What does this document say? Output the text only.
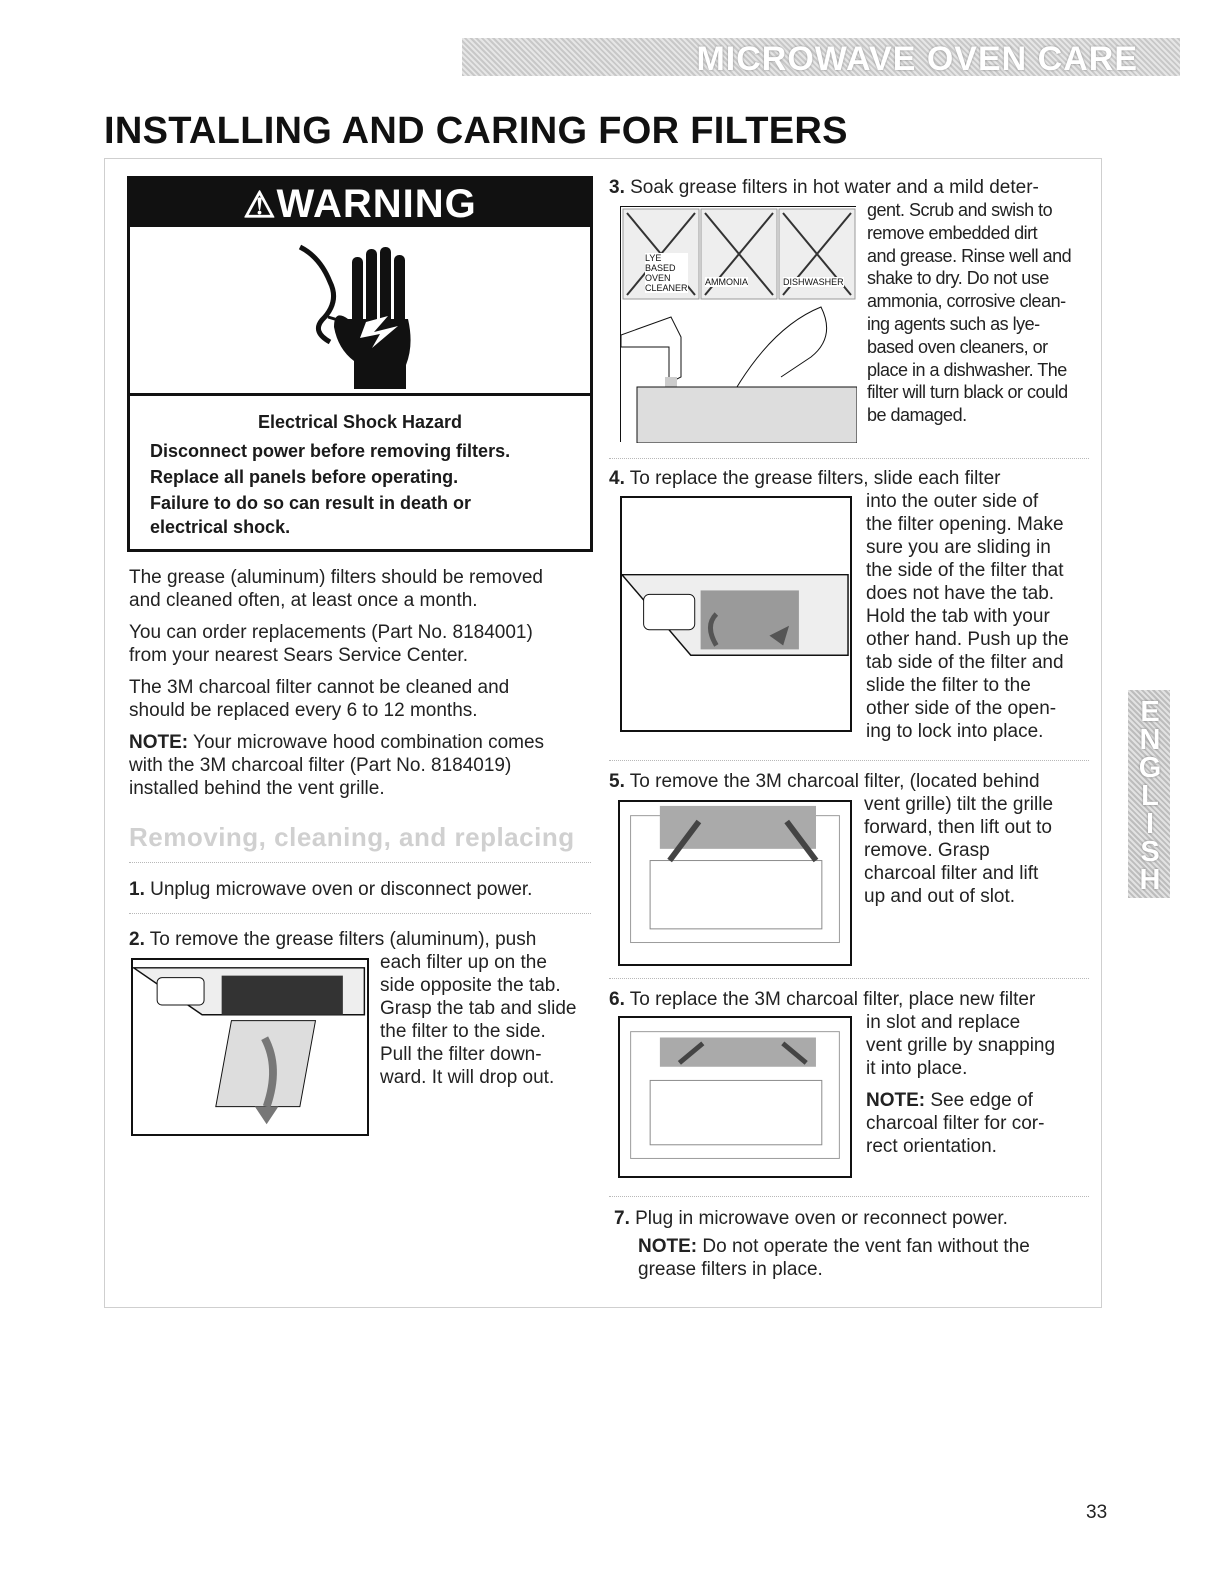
MICROWAVE OVEN CARE
INSTALLING AND CARING FOR FILTERS
⚠WARNING
Electrical Shock Hazard
Disconnect power before removing filters.
Replace all panels before operating.
Failure to do so can result in death or
electrical shock.

The grease (aluminum) filters should be removed

and cleaned often, at least once a month.

You can order replacements (Part No. 8184001)

from your nearest Sears Service Center.

The 3M charcoal filter cannot be cleaned and

should be replaced every 6 to 12 months.

NOTE: Your microwave hood combination comes

with the 3M charcoal filter (Part No. 8184019)

installed behind the vent grille.

Removing, cleaning, and replacing
1. Unplug microwave oven or disconnect power.
2. To remove the grease filters (aluminum), push

each filter up on the

side opposite the tab.

Grasp the tab and slide

the filter to the side.

Pull the filter down-

ward. It will drop out.

3. Soak grease filters in hot water and a mild deter-

gent. Scrub and swish to

remove embedded dirt

and grease. Rinse well and

shake to dry. Do not use

ammonia, corrosive clean-

ing agents such as lye-

based oven cleaners, or

place in a dishwasher. The

filter will turn black or could

be damaged.

LYE
BASED
OVEN
CLEANER
AMMONIA	DISHWASHER
4. To replace the grease filters, slide each filter

into the outer side of

the filter opening. Make

sure you are sliding in

the side of the filter that

does not have the tab.

Hold the tab with your

other hand. Push up the

tab side of the filter and

slide the filter to the

other side of the open-

ing to lock into place.

5. To remove the 3M charcoal filter, (located behind

vent grille) tilt the grille

forward, then lift out to

remove. Grasp

charcoal filter and lift

up and out of slot.

6. To replace the 3M charcoal filter, place new filter

in slot and replace

vent grille by snapping

it into place.

NOTE: See edge of

charcoal filter for cor-

rect orientation.

7. Plug in microwave oven or reconnect power.

NOTE: Do not operate the vent fan without the

grease filters in place.

ENGLISH
33
